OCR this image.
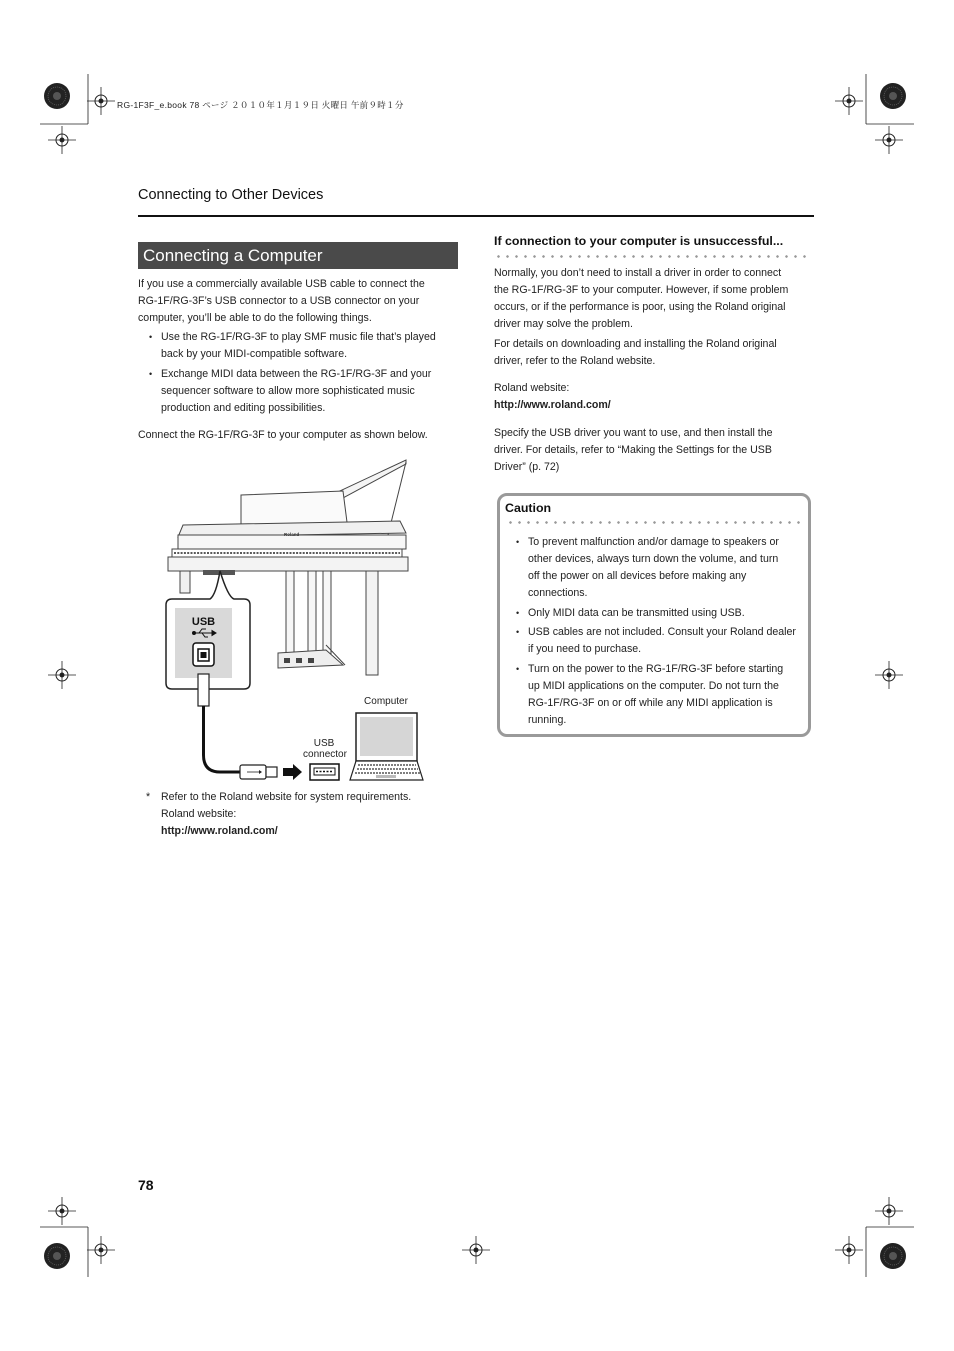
RG-1F3F_e.book 78 ページ ２０１０年１月１９日 火曜日 午前９時１分
Connecting to Other Devices
Connecting a Computer
If you use a commercially available USB cable to connect the
RG-1F/RG-3F’s USB connector to a USB connector on your
computer, you’ll be able to do the following things.
• Use the RG-1F/RG-3F to play SMF music file that’s played
back by your MIDI-compatible software.
• Exchange MIDI data between the RG-1F/RG-3F and your
sequencer software to allow more sophisticated music
production and editing possibilities.
Connect the RG-1F/RG-3F to your computer as shown below.
Roland
USB
Computer
USB
connector
* Refer to the Roland website for system requirements.
Roland website:
http://www.roland.com/
If connection to your computer is unsuccessful...
Normally, you don’t need to install a driver in order to connect
the RG-1F/RG-3F to your computer. However, if some problem
occurs, or if the performance is poor, using the Roland original
driver may solve the problem.
For details on downloading and installing the Roland original
driver, refer to the Roland website.
Roland website:
http://www.roland.com/
Specify the USB driver you want to use, and then install the
driver. For details, refer to “Making the Settings for the USB
Driver” (p. 72)
Caution
• To prevent malfunction and/or damage to speakers or
other devices, always turn down the volume, and turn
off the power on all devices before making any
connections.
• Only MIDI data can be transmitted using USB.
• USB cables are not included. Consult your Roland dealer
if you need to purchase.
• Turn on the power to the RG-1F/RG-3F before starting
up MIDI applications on the computer. Do not turn the
RG-1F/RG-3F on or off while any MIDI application is
running.
78
